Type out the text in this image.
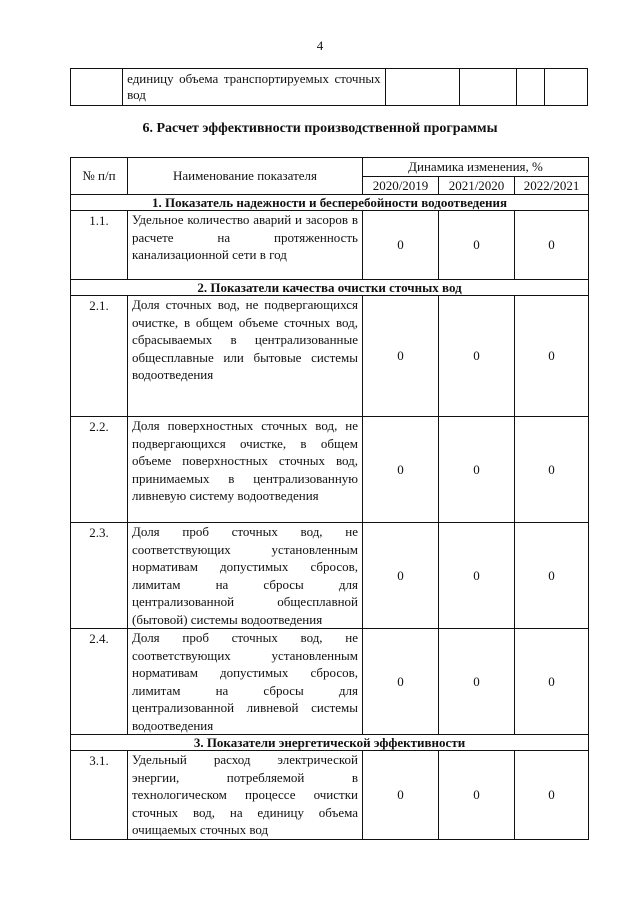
4
	единицу объема транспортируемых сточных вод				
6. Расчет эффективности производственной программы
№ п/п	Наименование показателя	Динамика изменения, %		
		2020/2019	2021/2020	2022/2021
1. Показатель надежности и бесперебойности водоотведения				
1.1.	Удельное количество аварий и засоров в расчете на протяженность канализационной сети в год	0	0	0
2. Показатели качества очистки сточных вод				
2.1.	Доля сточных вод, не подвергающихся очистке, в общем объеме сточных вод, сбрасываемых в централизованные общесплавные или бытовые системы водоотведения	0	0	0
2.2.	Доля поверхностных сточных вод, не подвергающихся очистке, в общем объеме поверхностных сточных вод, принимаемых в централизованную ливневую систему водоотведения	0	0	0
2.3.	Доля проб сточных вод, не соответствующих установленным нормативам допустимых сбросов, лимитам на сбросы для централизованной общесплавной (бытовой) системы водоотведения	0	0	0
2.4.	Доля проб сточных вод, не соответствующих установленным нормативам допустимых сбросов, лимитам на сбросы для централизованной ливневой системы водоотведения	0	0	0
3. Показатели энергетической эффективности				
3.1.	Удельный расход электрической энергии, потребляемой в технологическом процессе очистки сточных вод, на единицу объема очищаемых сточных вод	0	0	0
